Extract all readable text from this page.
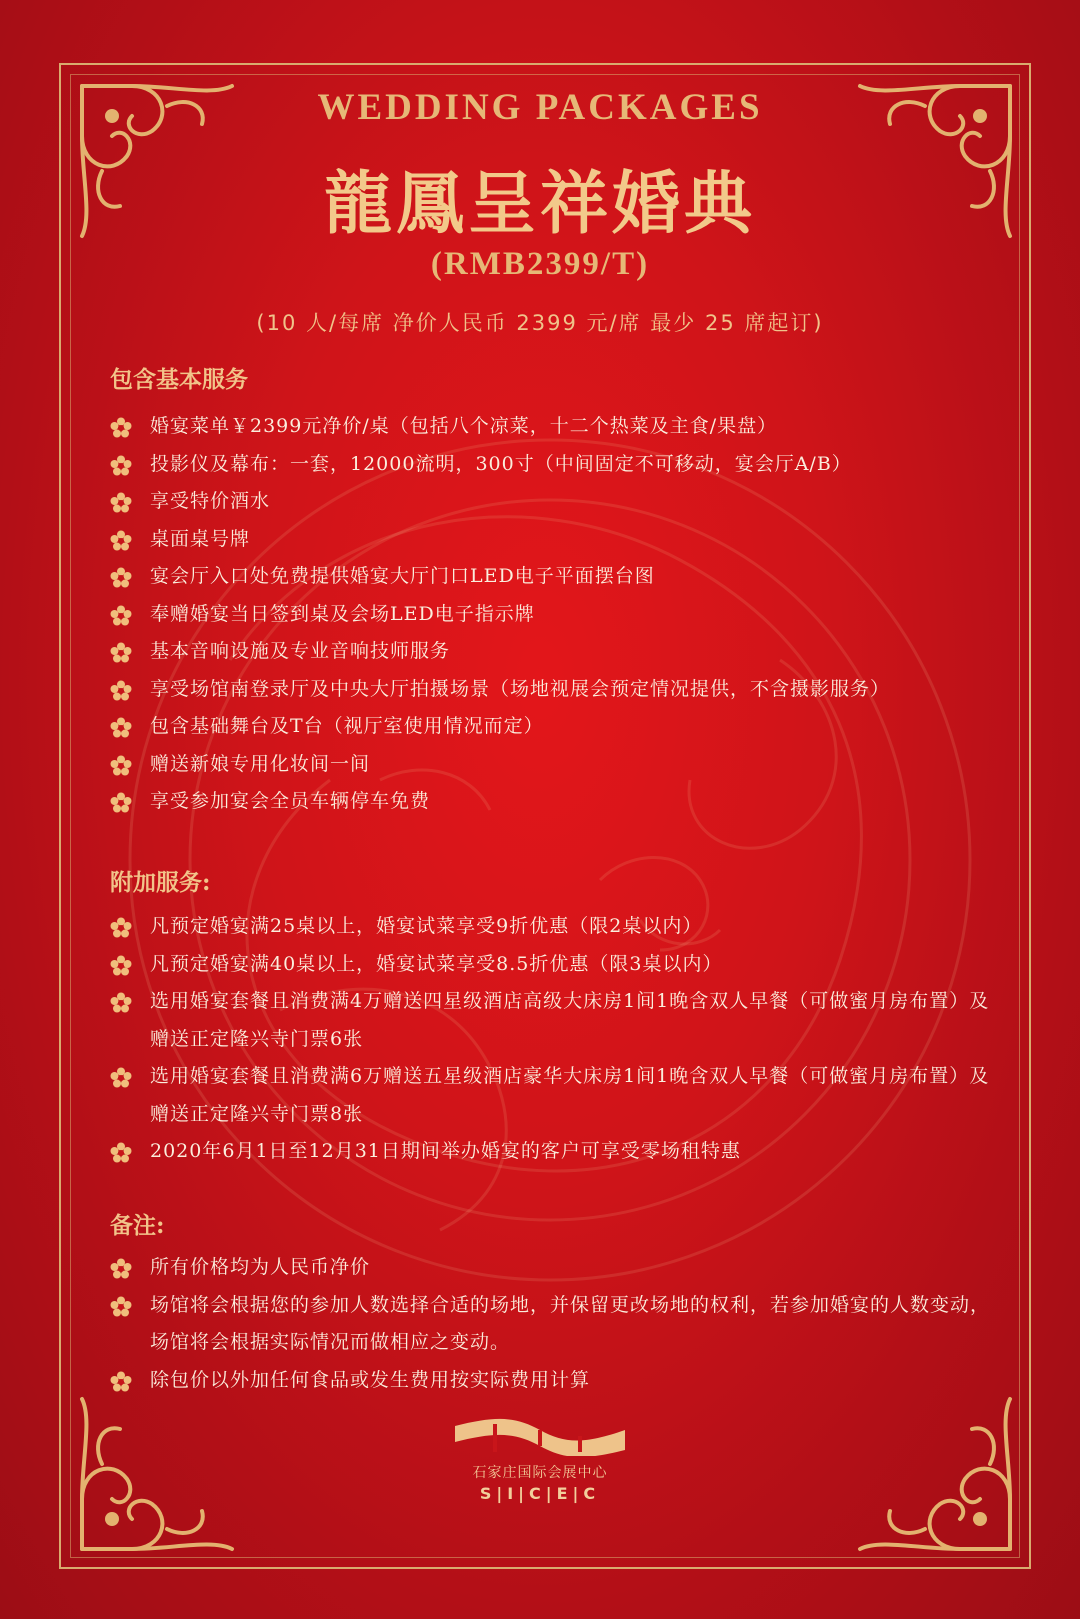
WEDDING PACKAGES
龍鳳呈祥婚典
(RMB2399/T)
(10 人/每席 净价人民币 2399 元/席 最少 25 席起订)
包含基本服务
婚宴菜单￥2399元净价/桌（包括八个凉菜，十二个热菜及主食/果盘）
投影仪及幕布：一套，12000流明，300寸（中间固定不可移动，宴会厅A/B）
享受特价酒水
桌面桌号牌
宴会厅入口处免费提供婚宴大厅门口LED电子平面摆台图
奉赠婚宴当日签到桌及会场LED电子指示牌
基本音响设施及专业音响技师服务
享受场馆南登录厅及中央大厅拍摄场景（场地视展会预定情况提供，不含摄影服务）
包含基础舞台及T台（视厅室使用情况而定）
赠送新娘专用化妆间一间
享受参加宴会全员车辆停车免费
附加服务:
凡预定婚宴满25桌以上，婚宴试菜享受9折优惠（限2桌以内）
凡预定婚宴满40桌以上，婚宴试菜享受8.5折优惠（限3桌以内）
选用婚宴套餐且消费满4万赠送四星级酒店高级大床房1间1晚含双人早餐（可做蜜月房布置）及赠送正定隆兴寺门票6张
选用婚宴套餐且消费满6万赠送五星级酒店豪华大床房1间1晚含双人早餐（可做蜜月房布置）及赠送正定隆兴寺门票8张
2020年6月1日至12月31日期间举办婚宴的客户可享受零场租特惠
备注:
所有价格均为人民币净价
场馆将会根据您的参加人数选择合适的场地，并保留更改场地的权利，若参加婚宴的人数变动，场馆将会根据实际情况而做相应之变动。
除包价以外加任何食品或发生费用按实际费用计算
石家庄国际会展中心
S|I|C|E|C
